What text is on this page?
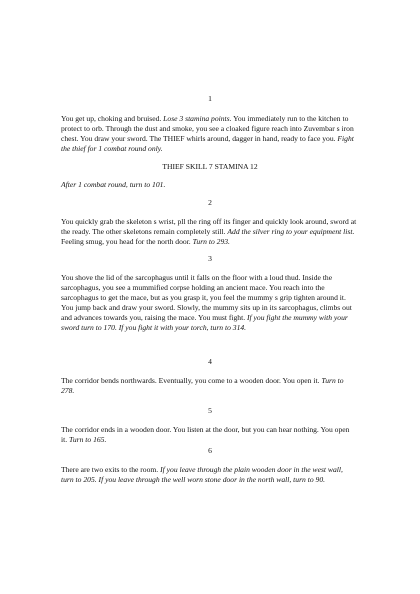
1

You get up, choking and bruised. Lose 3 stamina points. You immediately run to the kitchen to protect to orb. Through the dust and smoke, you see a cloaked figure reach into Zuvembar s iron chest. You draw your sword. The THIEF whirls around, dagger in hand, ready to face you. Fight the thief for 1 combat round only.

THIEF SKILL 7 STAMINA 12

After 1 combat round, turn to 101.

2

You quickly grab the skeleton s wrist, pll the ring off its finger and quickly look around, sword at the ready. The other skeletons remain completely still. Add the silver ring to your equipment list. Feeling smug, you head for the north door. Turn to 293.

3

You shove the lid of the sarcophagus until it falls on the floor with a loud thud. Inside the sarcophagus, you see a mummified corpse holding an ancient mace. You reach into the sarcophagus to get the mace, but as you grasp it, you feel the mummy s grip tighten around it. You jump back and draw your sword. Slowly, the mummy sits up in its sarcophagus, climbs out and advances towards you, raising the mace. You must fight. If you fight the mummy with your sword turn to 170. If you fight it with your torch, turn to 314.

4

The corridor bends northwards. Eventually, you come to a wooden door. You open it. Turn to 278.

5

The corridor ends in a wooden door. You listen at the door, but you can hear nothing. You open it. Turn to 165.

6

There are two exits to the room. If you leave through the plain wooden door in the west wall, turn to 205. If you leave through the well worn stone door in the north wall, turn to 90.
